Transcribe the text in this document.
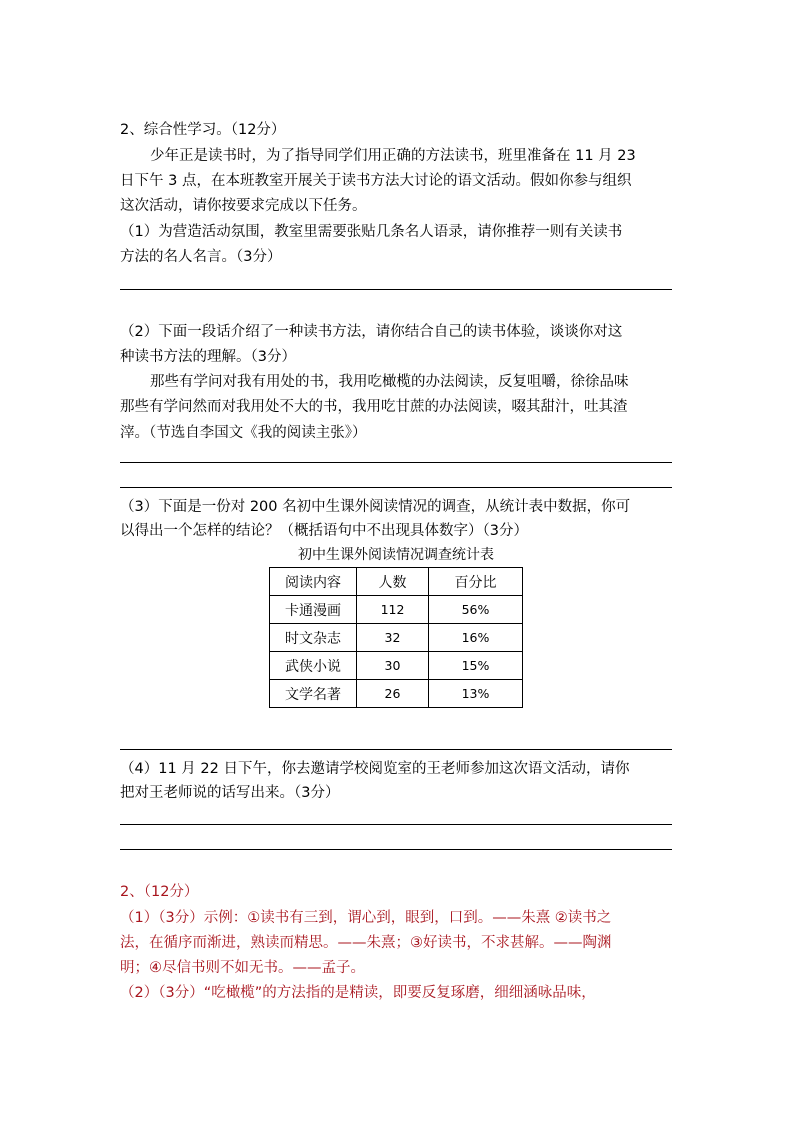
2、综合性学习。（12分）
少年正是读书时，为了指导同学们用正确的方法读书，班里准备在 11 月 23
日下午 3 点，在本班教室开展关于读书方法大讨论的语文活动。假如你参与组织
这次活动，请你按要求完成以下任务。
（1）为营造活动氛围，教室里需要张贴几条名人语录，请你推荐一则有关读书
方法的名人名言。（3分）
（2）下面一段话介绍了一种读书方法，请你结合自己的读书体验，谈谈你对这
种读书方法的理解。（3分）
那些有学问对我有用处的书，我用吃橄榄的办法阅读，反复咀嚼，徐徐品味
那些有学问然而对我用处不大的书，我用吃甘蔗的办法阅读，啜其甜汁，吐其渣
滓。（节选自李国文《我的阅读主张》）
（3）下面是一份对 200 名初中生课外阅读情况的调查，从统计表中数据，你可
以得出一个怎样的结论？（概括语句中不出现具体数字）（3分）
初中生课外阅读情况调查统计表
阅读内容	人数	百分比
卡通漫画	112	56%
时文杂志	32	16%
武侠小说	30	15%
文学名著	26	13%
（4）11 月 22 日下午，你去邀请学校阅览室的王老师参加这次语文活动，请你
把对王老师说的话写出来。（3分）
2、（12分）
（1）（3分）示例：①读书有三到，谓心到，眼到，口到。——朱熹 ②读书之
法，在循序而渐进，熟读而精思。——朱熹；③好读书，不求甚解。——陶渊
明；④尽信书则不如无书。——孟子。
（2）（3分）“吃橄榄”的方法指的是精读，即要反复琢磨，细细涵咏品味，
